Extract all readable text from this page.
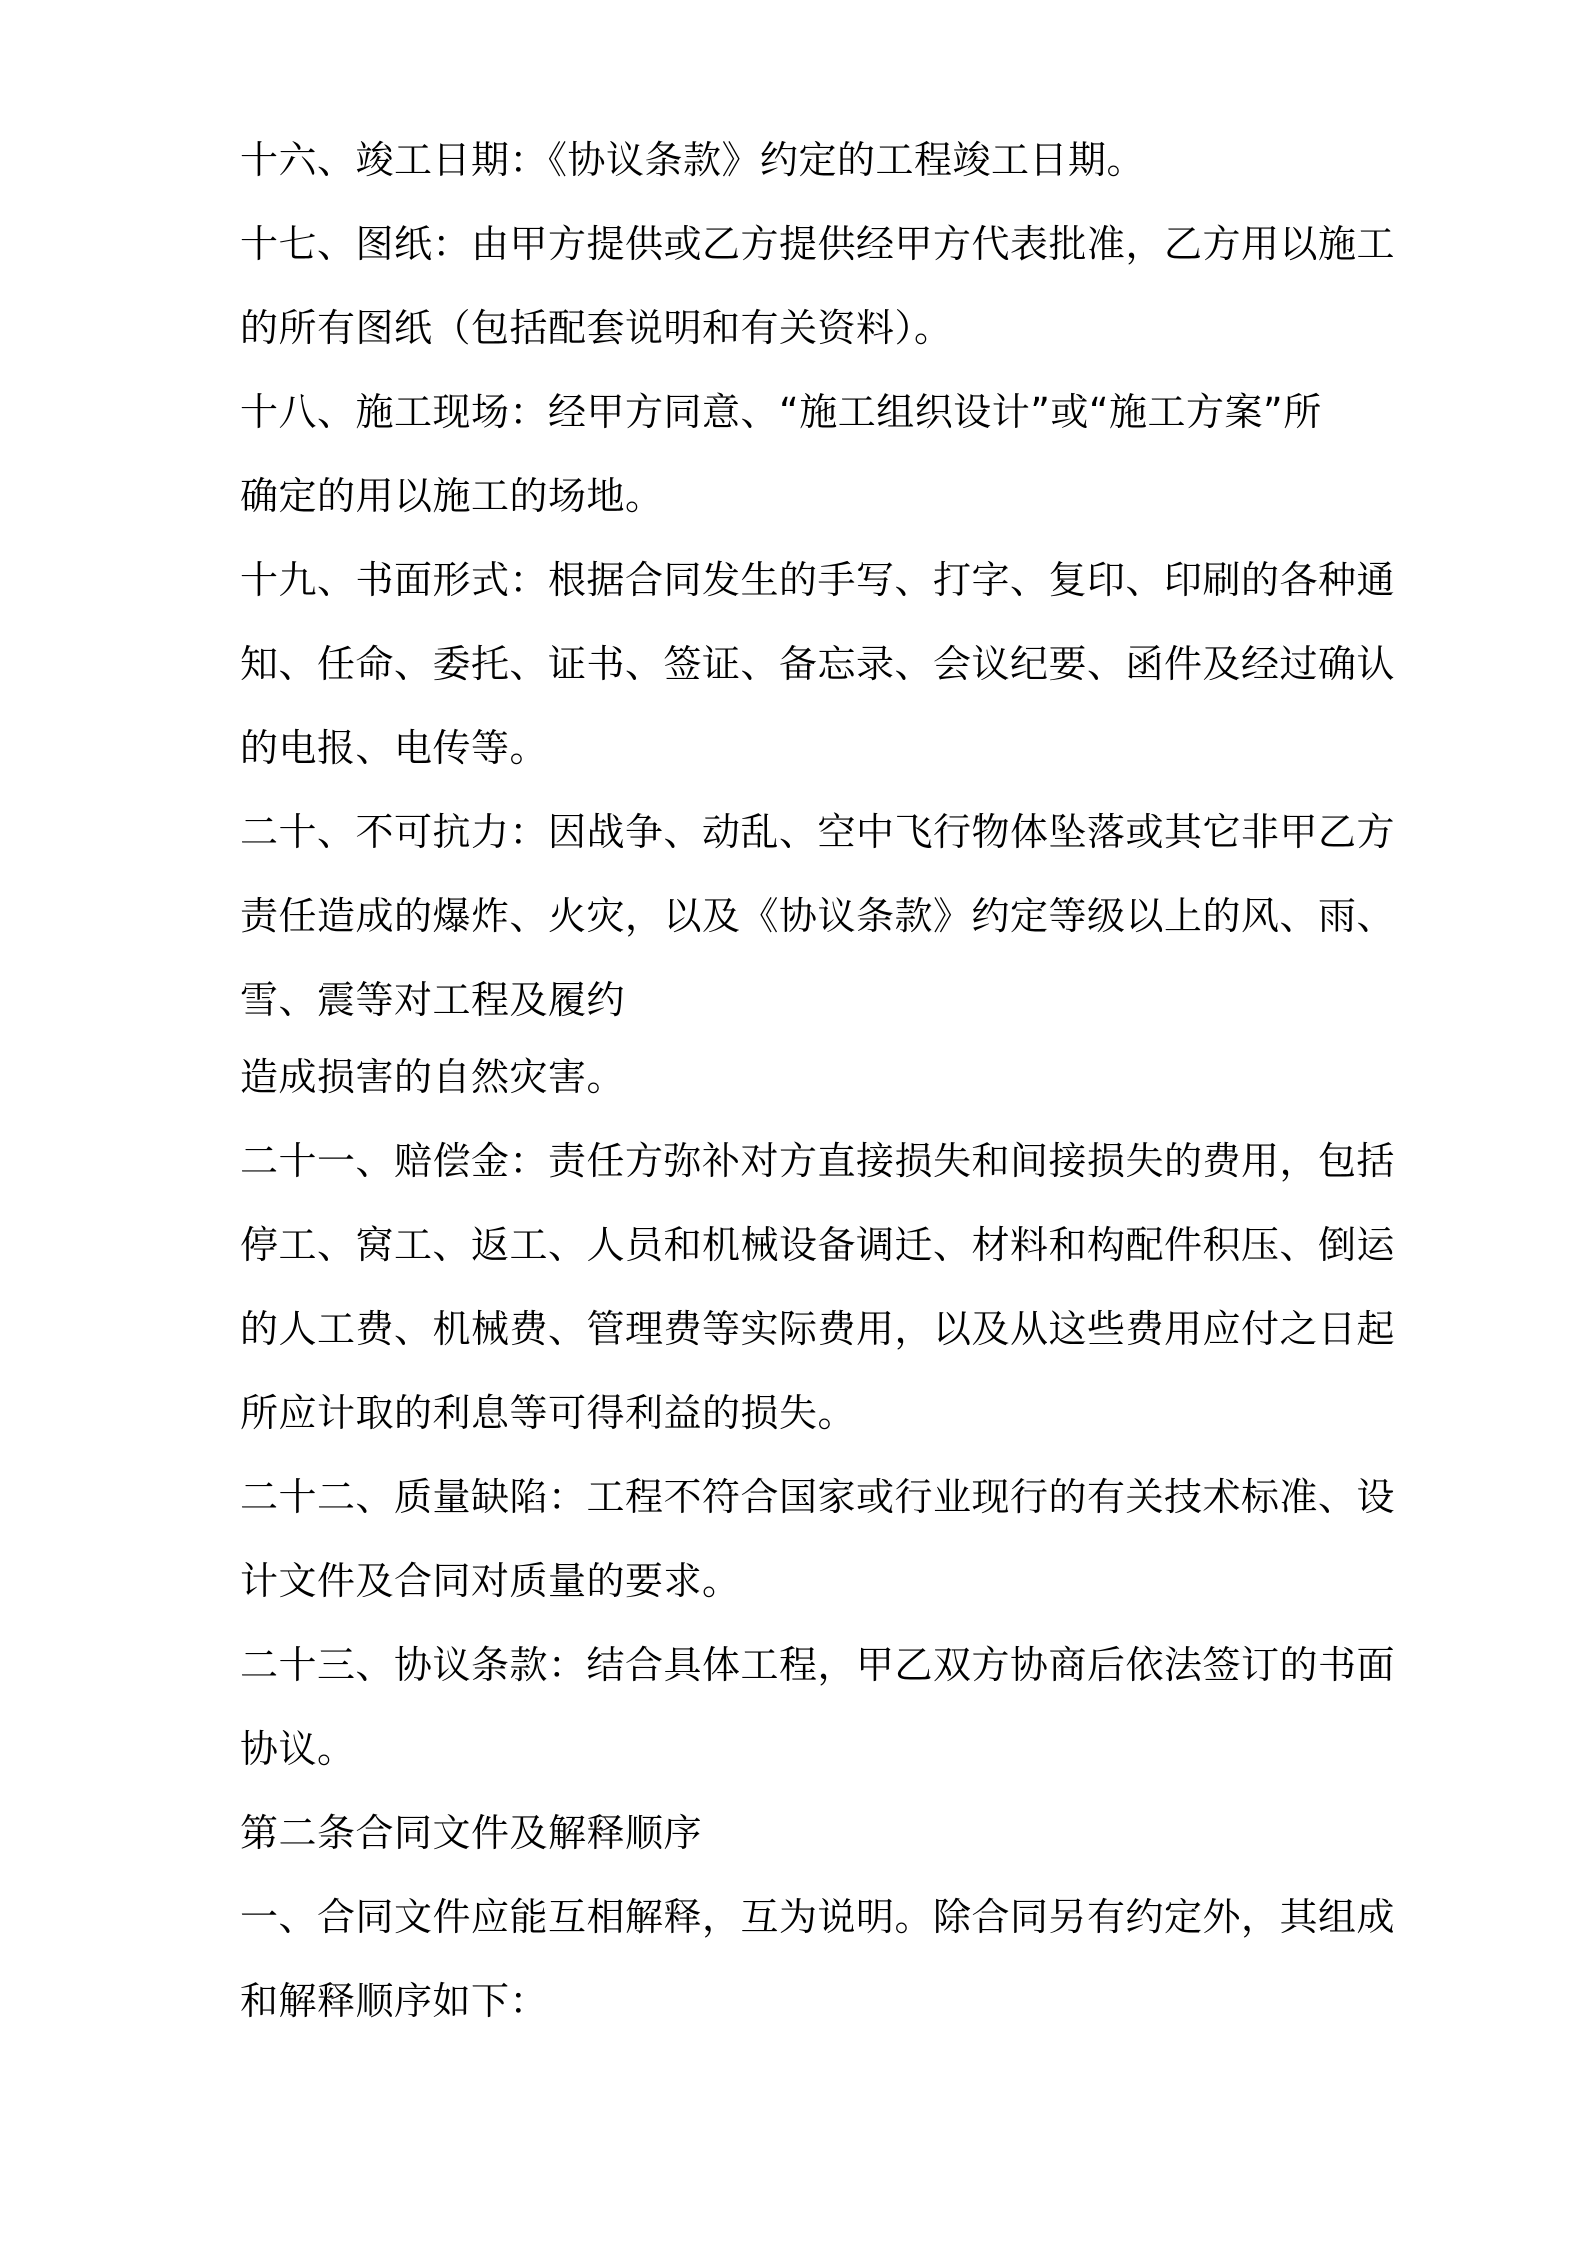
十六、竣工日期：《协议条款》约定的工程竣工日期。
十七、图纸：由甲方提供或乙方提供经甲方代表批准，乙方用以施工
的所有图纸（包括配套说明和有关资料）。
十八、施工现场：经甲方同意、“施工组织设计”或“施工方案”所
确定的用以施工的场地。
十九、书面形式：根据合同发生的手写、打字、复印、印刷的各种通
知、任命、委托、证书、签证、备忘录、会议纪要、函件及经过确认
的电报、电传等。
二十、不可抗力：因战争、动乱、空中飞行物体坠落或其它非甲乙方
责任造成的爆炸、火灾，以及《协议条款》约定等级以上的风、雨、
雪、震等对工程及履约
造成损害的自然灾害。
二十一、赔偿金：责任方弥补对方直接损失和间接损失的费用，包括
停工、窝工、返工、人员和机械设备调迁、材料和构配件积压、倒运
的人工费、机械费、管理费等实际费用，以及从这些费用应付之日起
所应计取的利息等可得利益的损失。
二十二、质量缺陷：工程不符合国家或行业现行的有关技术标准、设
计文件及合同对质量的要求。
二十三、协议条款：结合具体工程，甲乙双方协商后依法签订的书面
协议。
第二条合同文件及解释顺序
一、合同文件应能互相解释，互为说明。除合同另有约定外，其组成
和解释顺序如下：
